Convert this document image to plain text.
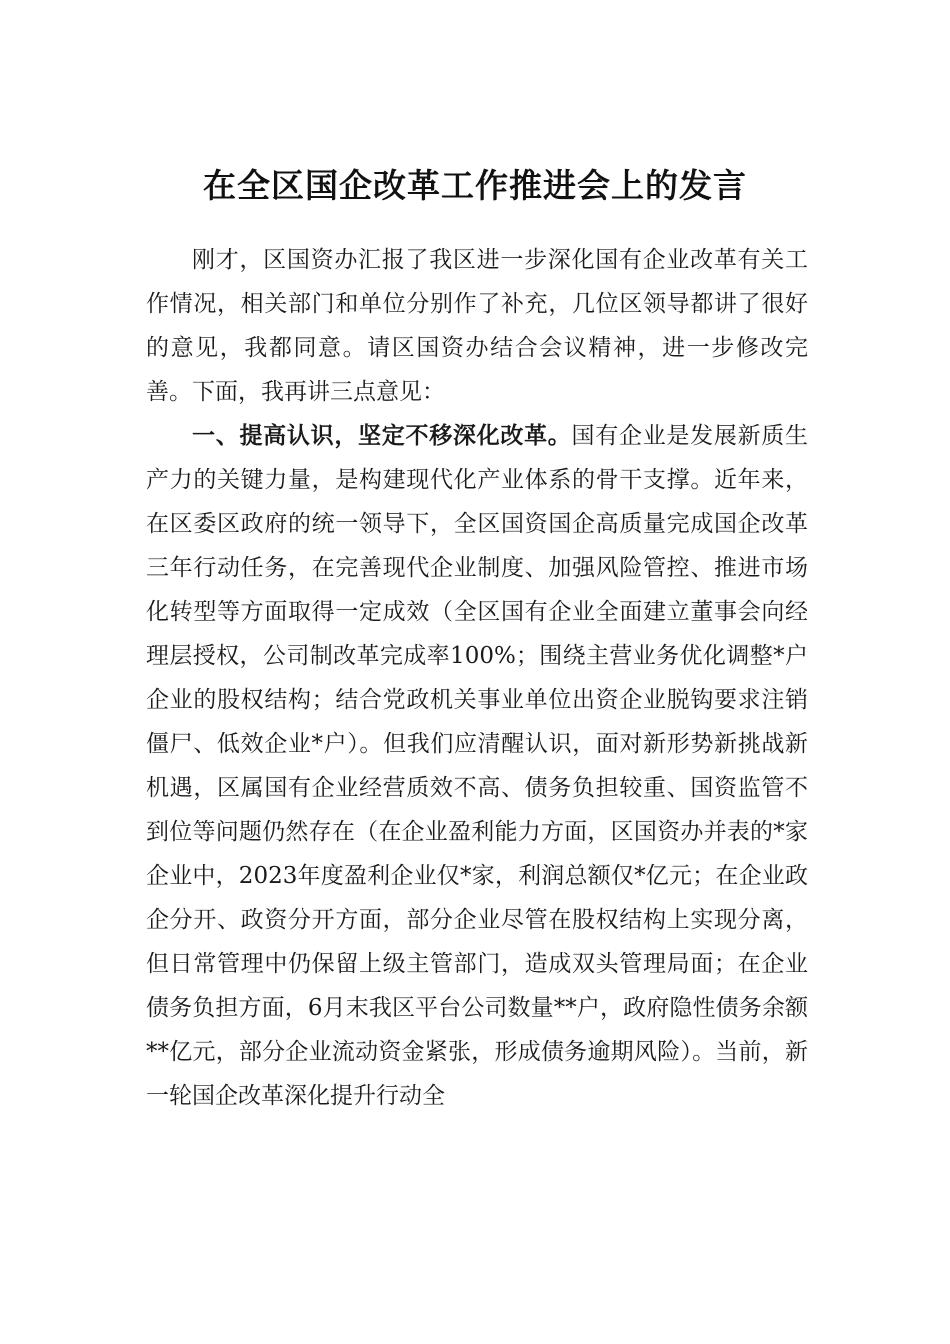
在全区国企改革工作推进会上的发言

刚才，区国资办汇报了我区进一步深化国有企业改革有关工作情况，相关部门和单位分别作了补充，几位区领导都讲了很好的意见，我都同意。请区国资办结合会议精神，进一步修改完善。下面，我再讲三点意见：

一、提高认识，坚定不移深化改革。国有企业是发展新质生产力的关键力量，是构建现代化产业体系的骨干支撑。近年来，在区委区政府的统一领导下，全区国资国企高质量完成国企改革三年行动任务，在完善现代企业制度、加强风险管控、推进市场化转型等方面取得一定成效（全区国有企业全面建立董事会向经理层授权，公司制改革完成率100%；围绕主营业务优化调整*户企业的股权结构；结合党政机关事业单位出资企业脱钩要求注销僵尸、低效企业*户）。但我们应清醒认识，面对新形势新挑战新机遇，区属国有企业经营质效不高、债务负担较重、国资监管不到位等问题仍然存在（在企业盈利能力方面，区国资办并表的*家企业中，2023年度盈利企业仅*家，利润总额仅*亿元；在企业政企分开、政资分开方面，部分企业尽管在股权结构上实现分离，但日常管理中仍保留上级主管部门，造成双头管理局面；在企业债务负担方面，6月末我区平台公司数量**户，政府隐性债务余额**亿元，部分企业流动资金紧张，形成债务逾期风险）。当前，新一轮国企改革深化提升行动全
